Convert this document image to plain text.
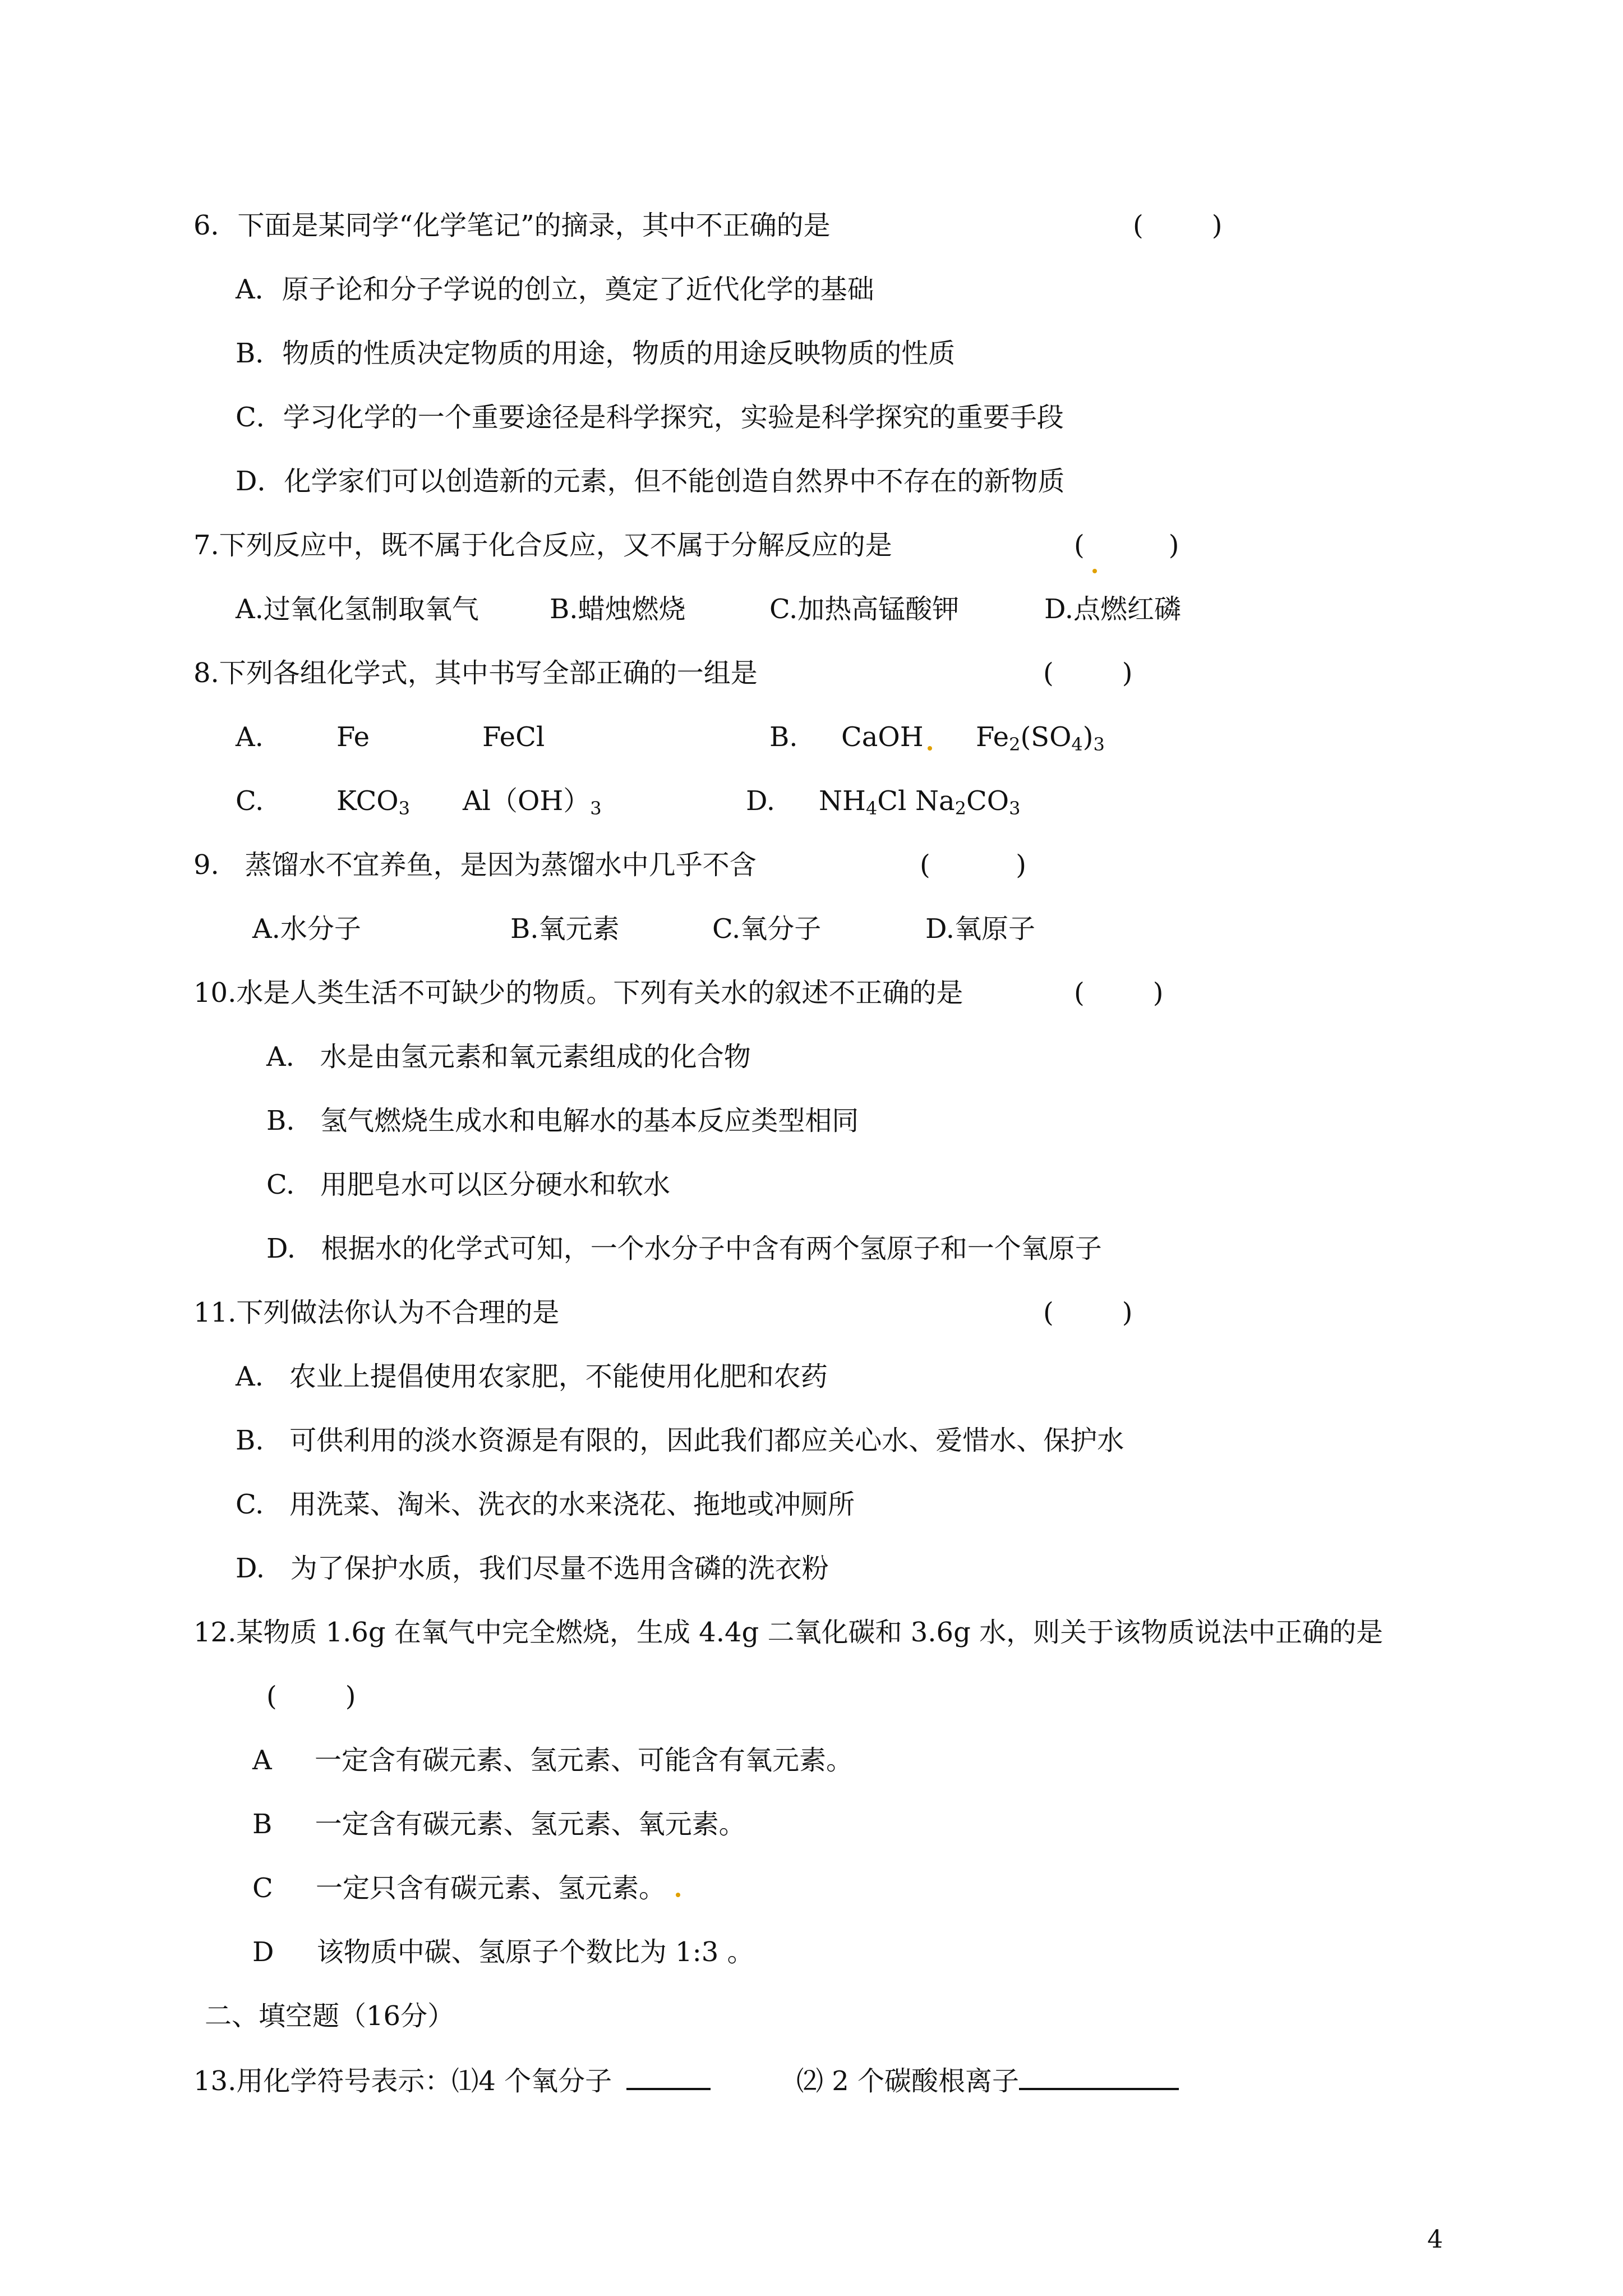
6．下面是某同学“化学笔记”的摘录，其中不正确的是	(        )
A．原子论和分子学说的创立，奠定了近代化学的基础
B．物质的性质决定物质的用途，物质的用途反映物质的性质
C．学习化学的一个重要途径是科学探究，实验是科学探究的重要手段
D．化学家们可以创造新的元素，但不能创造自然界中不存在的新物质
7.下列反应中，既不属于化合反应，又不属于分解反应的是	(	)
A.过氧化氢制取氧气	B.蜡烛燃烧	C.加热高锰酸钾	D.点燃红磷
8.下列各组化学式，其中书写全部正确的一组是	(        )
A.	Fe	FeCl	B. CaOH $Fe_2(SO_4)_3$
C.	$KCO_3$ $Al(OH)_3$	D. $NH_4Cl$ $Na_2CO_3$
9.   蒸馏水不宜养鱼，是因为蒸馏水中几乎不含	(          )
A.水分子	B.氧元素	C.氧分子	D.氧原子
10.水是人类生活不可缺少的物质。下列有关水的叙述不正确的是	(        )
A.   水是由氢元素和氧元素组成的化合物
B.   氢气燃烧生成水和电解水的基本反应类型相同
C.   用肥皂水可以区分硬水和软水
D.   根据水的化学式可知，一个水分子中含有两个氢原子和一个氧原子
11.下列做法你认为不合理的是	(        )
A.   农业上提倡使用农家肥，不能使用化肥和农药
B.   可供利用的淡水资源是有限的，因此我们都应关心水、爱惜水、保护水
C.   用洗菜、淘米、洗衣的水来浇花、拖地或冲厕所
D.   为了保护水质，我们尽量不选用含磷的洗衣粉
12.某物质 1.6g 在氧气中完全燃烧，生成 4.4g 二氧化碳和 3.6g 水，则关于该物质说法中正确的是
(        )
A     一定含有碳元素、氢元素、可能含有氧元素。
B     一定含有碳元素、氢元素、氧元素。
C     一定只含有碳元素、氢元素。
D     该物质中碳、氢原子个数比为 1:3 。
二、填空题（16分）
13.用化学符号表示：⑴4 个氧分子	⑵ 2 个碳酸根离子
4
